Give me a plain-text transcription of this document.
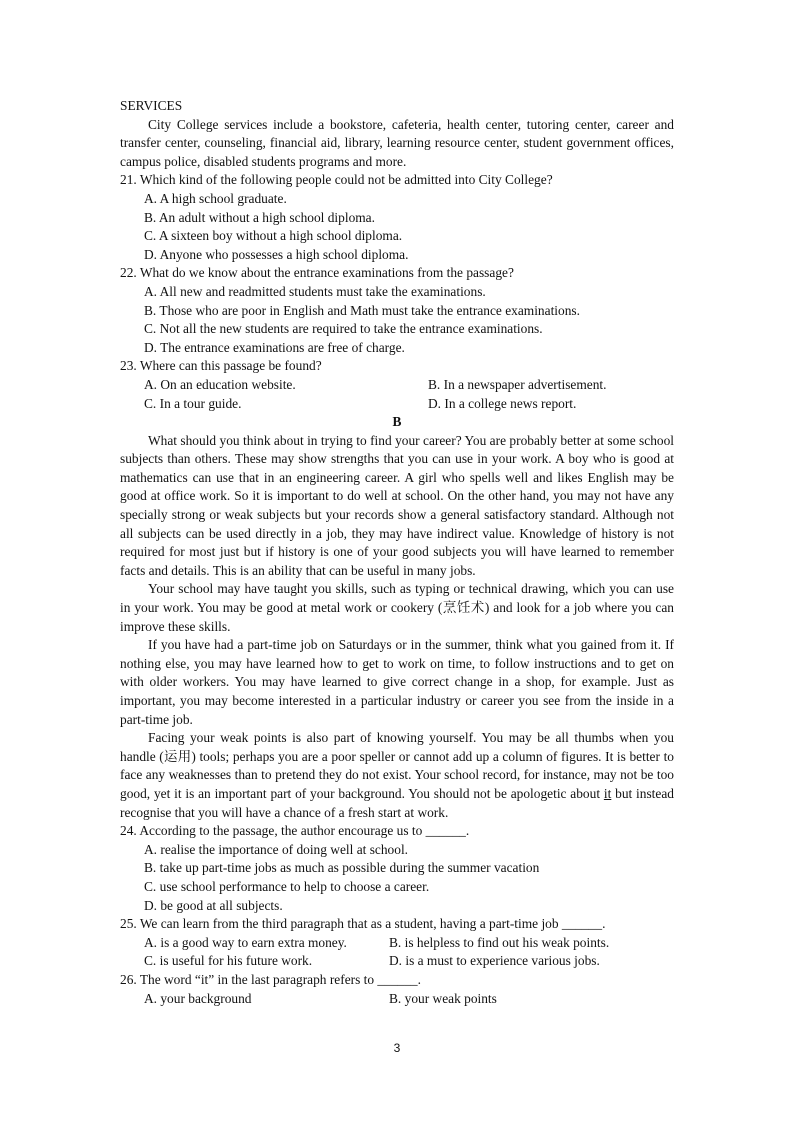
SERVICES

City College services include a bookstore, cafeteria, health center, tutoring center, career and transfer center, counseling, financial aid, library, learning resource center, student government offices, campus police, disabled students programs and more.

21. Which kind of the following people could not be admitted into City College?
A. A high school graduate.
B. An adult without a high school diploma.
C. A sixteen boy without a high school diploma.
D. Anyone who possesses a high school diploma.
22. What do we know about the entrance examinations from the passage?
A. All new and readmitted students must take the examinations.
B. Those who are poor in English and Math must take the entrance examinations.
C. Not all the new students are required to take the entrance examinations.
D. The entrance examinations are free of charge.
23. Where can this passage be found?
A. On an education website.	B. In a newspaper advertisement.
C. In a tour guide.	D. In a college news report.
B

What should you think about in trying to find your career? You are probably better at some school subjects than others. These may show strengths that you can use in your work. A boy who is good at mathematics can use that in an engineering career. A girl who spells well and likes English may be good at office work. So it is important to do well at school. On the other hand, you may not have any specially strong or weak subjects but your records show a general satisfactory standard. Although not all subjects can be used directly in a job, they may have indirect value. Knowledge of history is not required for most just but if history is one of your good subjects you will have learned to remember facts and details. This is an ability that can be useful in many jobs.

Your school may have taught you skills, such as typing or technical drawing, which you can use in your work. You may be good at metal work or cookery (烹饪术) and look for a job where you can improve these skills.

If you have had a part-time job on Saturdays or in the summer, think what you gained from it. If nothing else, you may have learned how to get to work on time, to follow instructions and to get on with older workers. You may have learned to give correct change in a shop, for example. Just as important, you may become interested in a particular industry or career you see from the inside in a part-time job.

Facing your weak points is also part of knowing yourself. You may be all thumbs when you handle (运用) tools; perhaps you are a poor speller or cannot add up a column of figures. It is better to face any weaknesses than to pretend they do not exist. Your school record, for instance, may not be too good, yet it is an important part of your background. You should not be apologetic about it but instead recognise that you will have a chance of a fresh start at work.

24. According to the passage, the author encourage us to ______.
A. realise the importance of doing well at school.
B. take up part-time jobs as much as possible during the summer vacation
C. use school performance to help to choose a career.
D. be good at all subjects.
25. We can learn from the third paragraph that as a student, having a part-time job ______.
A. is a good way to earn extra money.	B. is helpless to find out his weak points.
C. is useful for his future work.	D. is a must to experience various jobs.
26. The word “it” in the last paragraph refers to ______.
A. your background	B. your weak points
3
